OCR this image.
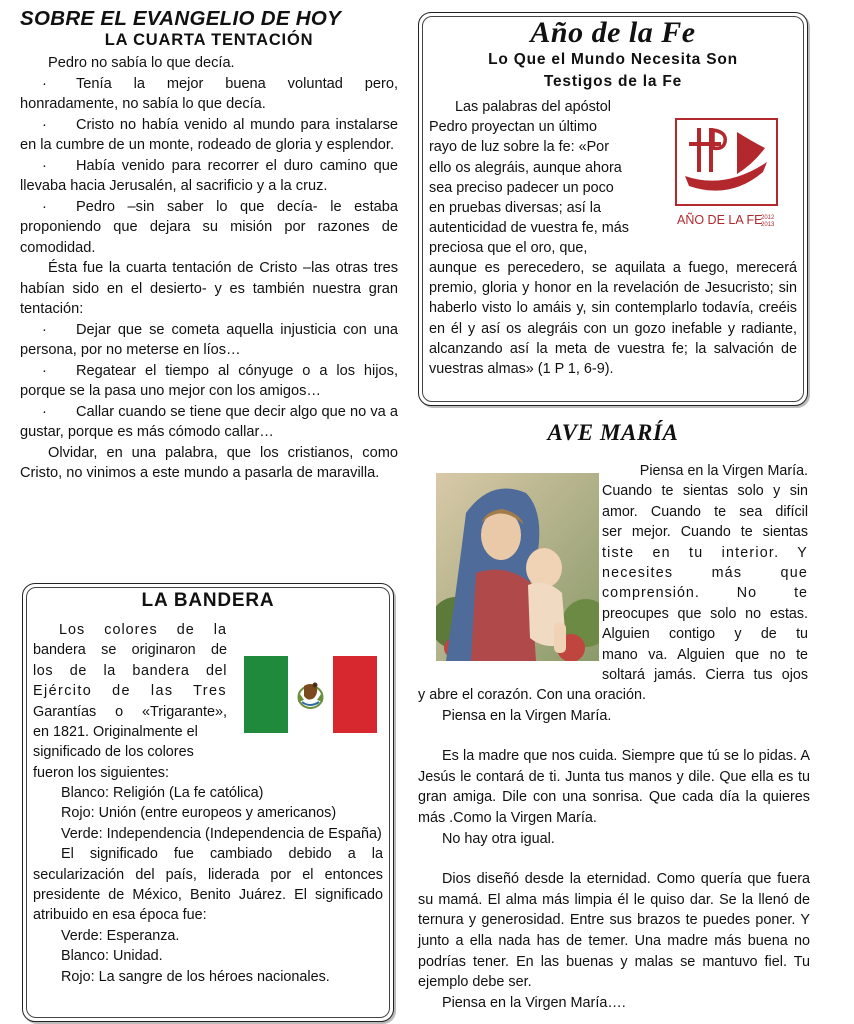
SOBRE EL EVANGELIO DE HOY
LA CUARTA TENTACIÓN

Pedro no sabía lo que decía.

· Tenía la mejor buena voluntad pero, honradamente, no sabía lo que decía.

· Cristo no había venido al mundo para instalarse en la cumbre de un monte, rodeado de gloria y esplendor.

· Había venido para recorrer el duro camino que llevaba hacia Jerusalén, al sacrificio y a la cruz.

· Pedro –sin saber lo que decía- le estaba proponiendo que dejara su misión por razones de comodidad.

Ésta fue la cuarta tentación de Cristo –las otras tres habían sido en el desierto- y es también nuestra gran tentación:

· Dejar que se cometa aquella injusticia con una persona, por no meterse en líos…

· Regatear el tiempo al cónyuge o a los hijos, porque se la pasa uno mejor con los amigos…

· Callar cuando se tiene que decir algo que no va a gustar, porque es más cómodo callar…

Olvidar, en una palabra, que los cristianos, como Cristo, no vinimos a este mundo a pasarla de maravilla.

Año de la Fe
Lo Que el Mundo Necesita Son
Testigos de la Fe

Las palabras del apóstol

Pedro proyectan un último

rayo de luz sobre la fe: «Por

ello os alegráis, aunque ahora

sea preciso padecer un poco

en pruebas diversas; así la

autenticidad de vuestra fe, más

preciosa que el oro, que,

aunque es perecedero, se aquilata a fuego, merecerá premio, gloria y honor en la revelación de Jesucristo; sin haberlo visto lo amáis y, sin contemplarlo todavía, creéis en él y así os alegráis con un gozo inefable y radiante, alcanzando así la meta de vuestra fe; la salvación de vuestras almas» (1 P 1, 6-9).

AÑO DE LA FE
2012
2013
AVE MARÍA

Piensa en la Virgen María.

Cuando te sientas solo y sin

amor. Cuando te sea difícil

ser mejor. Cuando te sientas

tiste en tu interior. Y

necesites más que

comprensión. No te

preocupes que solo no estas.

Alguien contigo y de tu

mano va. Alguien que no te

soltará jamás. Cierra tus ojos

y abre el corazón. Con una oración.

Piensa en la Virgen María.

Es la madre que nos cuida. Siempre que tú se lo pidas. A Jesús le contará de ti. Junta tus manos y dile. Que ella es tu gran amiga. Dile con una sonrisa. Que cada día la quieres más .Como la Virgen María.

No hay otra igual.

Dios diseñó desde la eternidad. Como quería que fuera su mamá. El alma más limpia él le quiso dar. Se la llenó de ternura y generosidad. Entre sus brazos te puedes poner. Y junto a ella nada has de temer. Una madre más buena no podrías tener. En las buenas y malas se mantuvo fiel. Tu ejemplo debe ser.

Piensa en la Virgen María….

LA BANDERA

Los colores de la

bandera se originaron de

los de la bandera del

Ejército de las Tres

Garantías o «Trigarante»,

en 1821. Originalmente el

significado de los colores

fueron los siguientes:

Blanco: Religión (La fe católica)

Rojo: Unión (entre europeos y americanos)

Verde: Independencia (Independencia de España)

El significado fue cambiado debido a la secularización del país, liderada por el entonces presidente de México, Benito Juárez. El significado atribuido en esa época fue:

Verde: Esperanza.

Blanco: Unidad.

Rojo: La sangre de los héroes nacionales.
